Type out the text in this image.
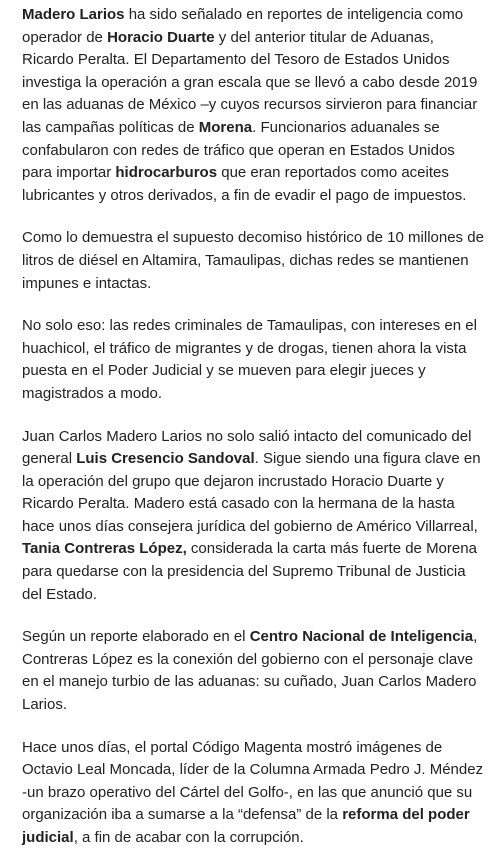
Madero Larios ha sido señalado en reportes de inteligencia como operador de Horacio Duarte y del anterior titular de Aduanas, Ricardo Peralta. El Departamento del Tesoro de Estados Unidos investiga la operación a gran escala que se llevó a cabo desde 2019 en las aduanas de México –y cuyos recursos sirvieron para financiar las campañas políticas de Morena. Funcionarios aduanales se confabularon con redes de tráfico que operan en Estados Unidos para importar hidrocarburos que eran reportados como aceites lubricantes y otros derivados, a fin de evadir el pago de impuestos.

Como lo demuestra el supuesto decomiso histórico de 10 millones de litros de diésel en Altamira, Tamaulipas, dichas redes se mantienen impunes e intactas.

No solo eso: las redes criminales de Tamaulipas, con intereses en el huachicol, el tráfico de migrantes y de drogas, tienen ahora la vista puesta en el Poder Judicial y se mueven para elegir jueces y magistrados a modo.

Juan Carlos Madero Larios no solo salió intacto del comunicado del general Luis Cresencio Sandoval. Sigue siendo una figura clave en la operación del grupo que dejaron incrustado Horacio Duarte y Ricardo Peralta. Madero está casado con la hermana de la hasta hace unos días consejera jurídica del gobierno de Américo Villarreal, Tania Contreras López, considerada la carta más fuerte de Morena para quedarse con la presidencia del Supremo Tribunal de Justicia del Estado.

Según un reporte elaborado en el Centro Nacional de Inteligencia, Contreras López es la conexión del gobierno con el personaje clave en el manejo turbio de las aduanas: su cuñado, Juan Carlos Madero Larios.

Hace unos días, el portal Código Magenta mostró imágenes de Octavio Leal Moncada, líder de la Columna Armada Pedro J. Méndez -un brazo operativo del Cártel del Golfo-, en las que anunció que su organización iba a sumarse a la “defensa” de la reforma del poder judicial, a fin de acabar con la corrupción.
